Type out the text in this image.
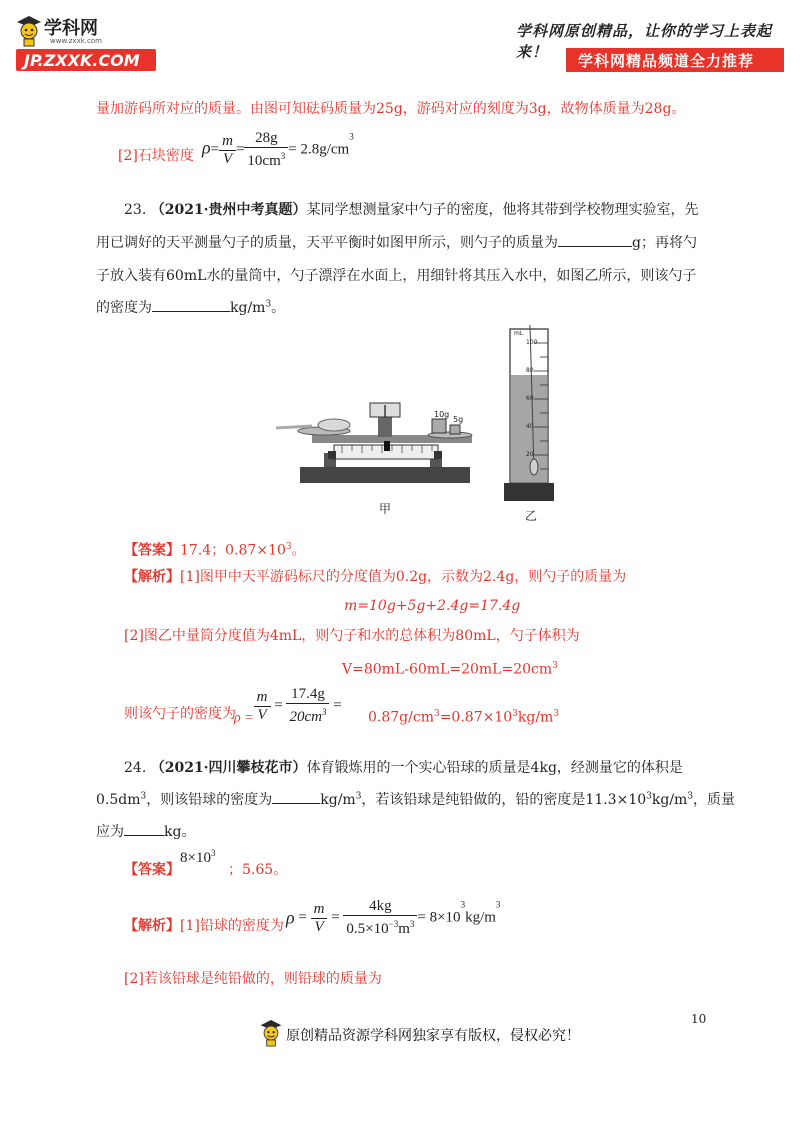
学科网
www.zxxk.com
JP.ZXXK.COM
学科网原创精品，让你的学习上表起来！	学科网精品频道全力推荐
量加游码所对应的质量。由图可知砝码质量为25g，游码对应的刻度为3g，故物体质量为28g。
[2]石块密度 $\rho= \frac{m}{V} = \frac{28g}{10cm^3} = 2.8g/cm^3$
23. （2021·贵州中考真题）某同学想测量家中勺子的密度，他将其带到学校物理实验室，先
用已调好的天平测量勺子的质量，天平平衡时如图甲所示，则勺子的质量为	g；再将勺
子放入装有60mL水的量筒中，勺子漂浮在水面上，用细针将其压入水中，如图乙所示，则该勺子
的密度为	$kg/m^3$。
10g
5g
甲
mL
100
80
60
40
20
乙
【答案】17.4；$0.87\times 10^3$。
【解析】[1]图甲中天平游码标尺的分度值为0.2g，示数为2.4g，则勺子的质量为
m=10g+5g+2.4g=17.4g
[2]图乙中量筒分度值为4mL，则勺子和水的总体积为80mL，勺子体积为
$V=80mL-60mL=20mL=20cm^3$
则该勺子的密度为
$\rho = \frac{m}{V} = \frac{17.4g}{20cm^3}$ =
$0.87g/cm^3=0.87\times 10^3kg/m^3$
24. （2021·四川攀枝花市）体育锻炼用的一个实心铅球的质量是4kg，经测量它的体积是
$0.5dm^3$，则该铅球的密度为	$kg/m^3$，若该铅球是纯铅做的，铅的密度是$11.3\times 10^3kg/m^3$，质量
应为	kg。
【答案】
$8\times 10^3$
；5.65。
【解析】[1]铅球的密度为 $\rho = \frac{m}{V} = \frac{4kg}{0.5\times 10^{-3}m^3} = 8\times 10^3kg/m^3$
[2]若该铅球是纯铅做的，则铅球的质量为
10
原创精品资源学科网独家享有版权，侵权必究！
